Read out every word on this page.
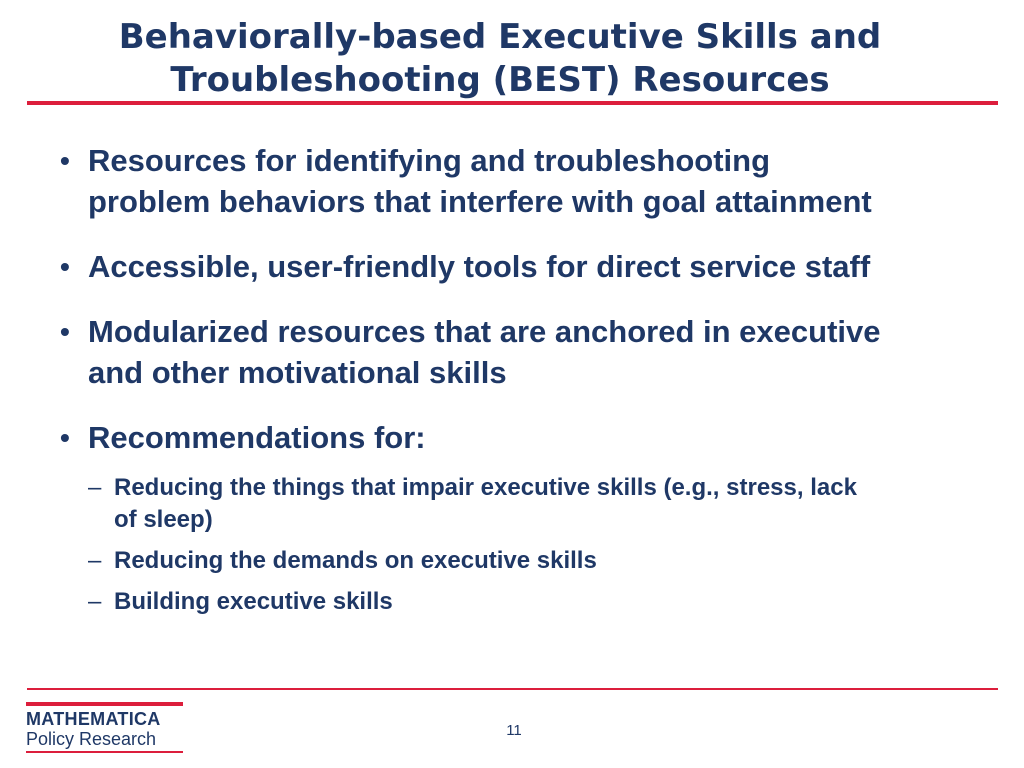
Behaviorally-based Executive Skills and
Troubleshooting (BEST) Resources
• Resources for identifying and troubleshooting
problem behaviors that interfere with goal attainment
• Accessible, user-friendly tools for direct service staff
• Modularized resources that are anchored in executive
and other motivational skills
• Recommendations for:
– Reducing the things that impair executive skills (e.g., stress, lack
of sleep)
– Reducing the demands on executive skills
– Building executive skills
MATHEMATICA
Policy Research	11
